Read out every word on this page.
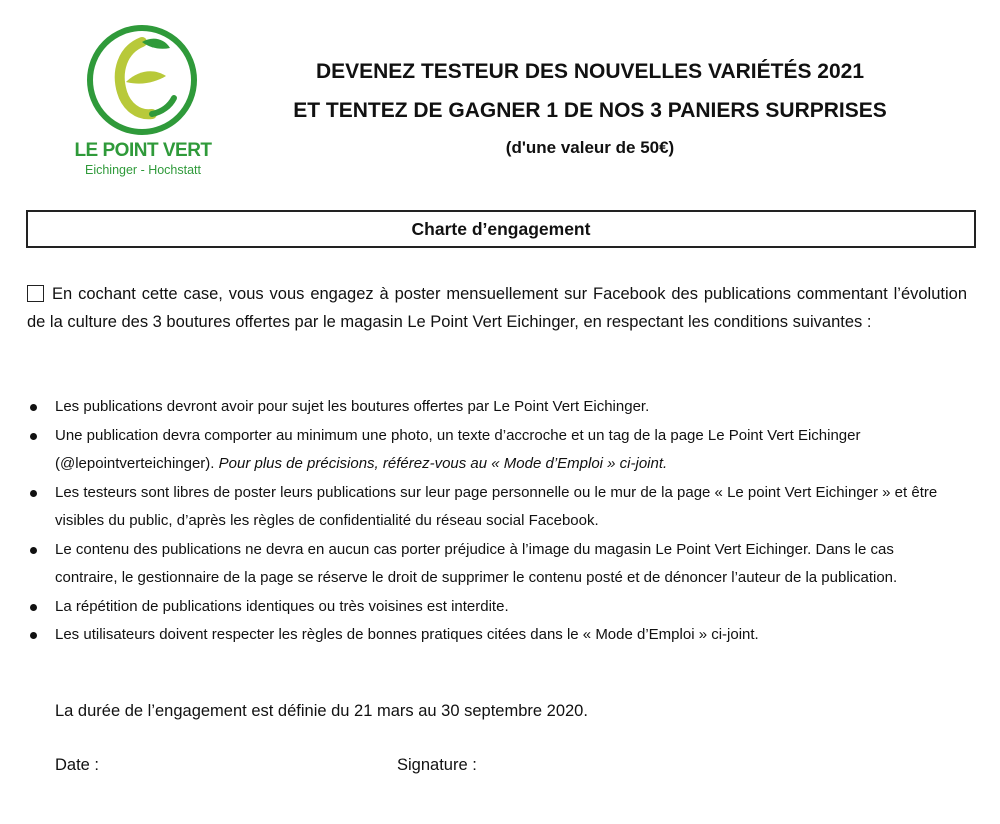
LE POINT VERT
Eichinger - Hochstatt
DEVENEZ TESTEUR DES NOUVELLES VARIÉTÉS 2021
ET TENTEZ DE GAGNER 1 DE NOS 3 PANIERS SURPRISES
(d'une valeur de 50€)
Charte d’engagement
En cochant cette case, vous vous engagez à poster mensuellement sur Facebook des publications commentant l’évolution de la culture des 3 boutures offertes par le magasin Le Point Vert Eichinger, en respectant les conditions suivantes :
Les publications devront avoir pour sujet les boutures offertes par Le Point Vert Eichinger.
Une publication devra comporter au minimum une photo, un texte d’accroche et un tag de la page Le Point Vert Eichinger (@lepointverteichinger). Pour plus de précisions, référez-vous au « Mode d’Emploi » ci-joint.
Les testeurs sont libres de poster leurs publications sur leur page personnelle ou le mur de la page « Le point Vert Eichinger » et être visibles du public, d’après les règles de confidentialité du réseau social Facebook.
Le contenu des publications ne devra en aucun cas porter préjudice à l’image du magasin Le Point Vert Eichinger. Dans le cas contraire, le gestionnaire de la page se réserve le droit de supprimer le contenu posté et de dénoncer l’auteur de la publication.
La répétition de publications identiques ou très voisines est interdite.
Les utilisateurs doivent respecter les règles de bonnes pratiques citées dans le « Mode d’Emploi » ci-joint.
La durée de l’engagement est définie du 21 mars au 30 septembre 2020.
Date :	Signature :
